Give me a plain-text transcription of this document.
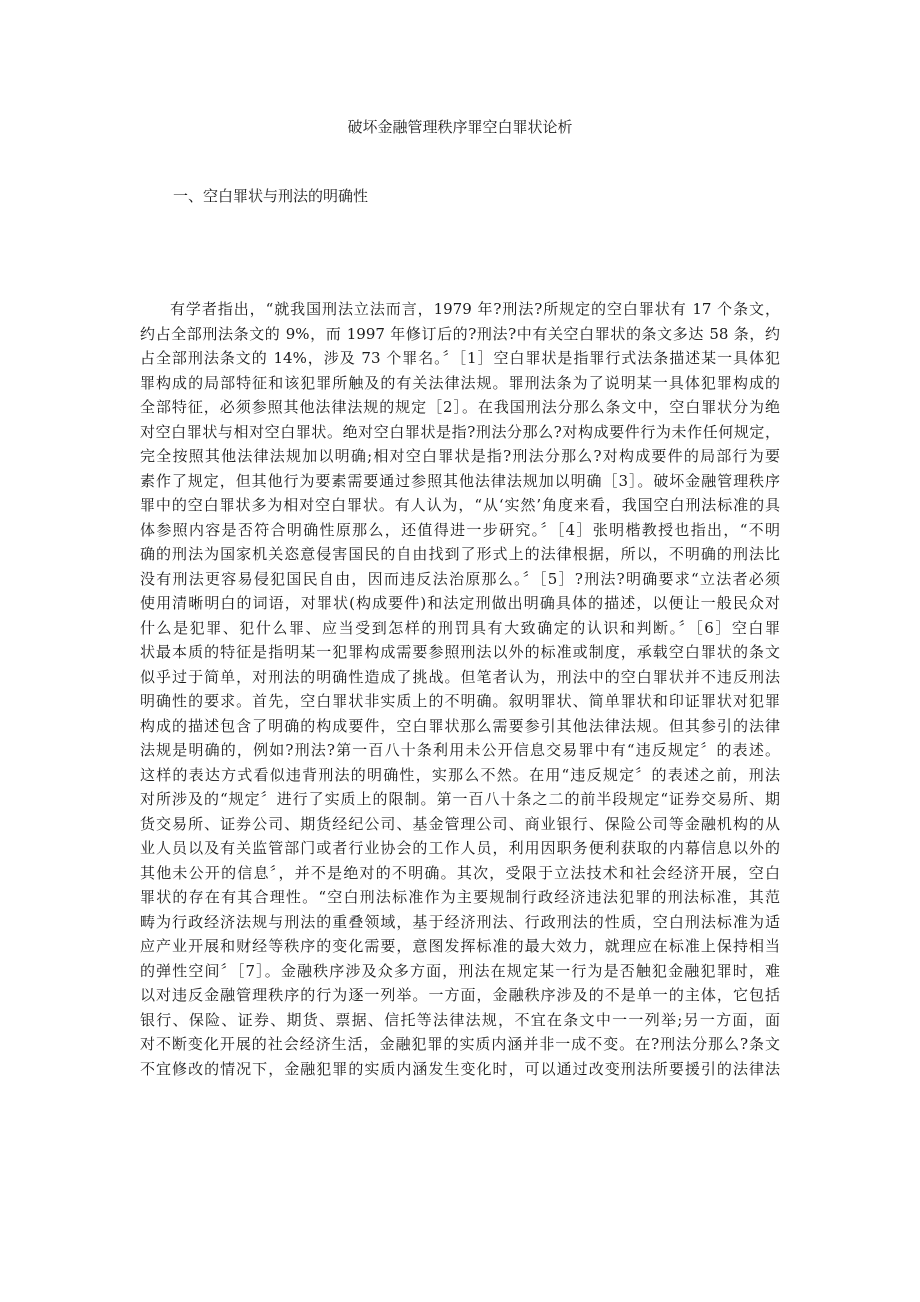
破坏金融管理秩序罪空白罪状论析
一、空白罪状与刑法的明确性
有学者指出，“就我国刑法立法而言，1979 年?刑法?所规定的空白罪状有 17 个条文，
约占全部刑法条文的 9%，而 1997 年修订后的?刑法?中有关空白罪状的条文多达 58 条，约
占全部刑法条文的 14%，涉及 73 个罪名。〞［1］空白罪状是指罪行式法条描述某一具体犯
罪构成的局部特征和该犯罪所触及的有关法律法规。罪刑法条为了说明某一具体犯罪构成的
全部特征，必须参照其他法律法规的规定［2］。在我国刑法分那么条文中，空白罪状分为绝
对空白罪状与相对空白罪状。绝对空白罪状是指?刑法分那么?对构成要件行为未作任何规定，
完全按照其他法律法规加以明确;相对空白罪状是指?刑法分那么?对构成要件的局部行为要
素作了规定，但其他行为要素需要通过参照其他法律法规加以明确［3］。破坏金融管理秩序
罪中的空白罪状多为相对空白罪状。有人认为，“从‘实然’角度来看，我国空白刑法标准的具
体参照内容是否符合明确性原那么，还值得进一步研究。〞［4］张明楷教授也指出，“不明
确的刑法为国家机关恣意侵害国民的自由找到了形式上的法律根据，所以，不明确的刑法比
没有刑法更容易侵犯国民自由，因而违反法治原那么。〞［5］?刑法?明确要求“立法者必须
使用清晰明白的词语，对罪状(构成要件)和法定刑做出明确具体的描述，以便让一般民众对
什么是犯罪、犯什么罪、应当受到怎样的刑罚具有大致确定的认识和判断。〞［6］空白罪
状最本质的特征是指明某一犯罪构成需要参照刑法以外的标准或制度，承载空白罪状的条文
似乎过于简单，对刑法的明确性造成了挑战。但笔者认为，刑法中的空白罪状并不违反刑法
明确性的要求。首先，空白罪状非实质上的不明确。叙明罪状、简单罪状和印证罪状对犯罪
构成的描述包含了明确的构成要件，空白罪状那么需要参引其他法律法规。但其参引的法律
法规是明确的，例如?刑法?第一百八十条利用未公开信息交易罪中有“违反规定〞的表述。
这样的表达方式看似违背刑法的明确性，实那么不然。在用“违反规定〞的表述之前，刑法
对所涉及的“规定〞进行了实质上的限制。第一百八十条之二的前半段规定“证券交易所、期
货交易所、证券公司、期货经纪公司、基金管理公司、商业银行、保险公司等金融机构的从
业人员以及有关监管部门或者行业协会的工作人员，利用因职务便利获取的内幕信息以外的
其他未公开的信息〞，并不是绝对的不明确。其次，受限于立法技术和社会经济开展，空白
罪状的存在有其合理性。“空白刑法标准作为主要规制行政经济违法犯罪的刑法标准，其范
畴为行政经济法规与刑法的重叠领域，基于经济刑法、行政刑法的性质，空白刑法标准为适
应产业开展和财经等秩序的变化需要，意图发挥标准的最大效力，就理应在标准上保持相当
的弹性空间〞［7］。金融秩序涉及众多方面，刑法在规定某一行为是否触犯金融犯罪时，难
以对违反金融管理秩序的行为逐一列举。一方面，金融秩序涉及的不是单一的主体，它包括
银行、保险、证券、期货、票据、信托等法律法规，不宜在条文中一一列举;另一方面，面
对不断变化开展的社会经济生活，金融犯罪的实质内涵并非一成不变。在?刑法分那么?条文
不宜修改的情况下，金融犯罪的实质内涵发生变化时，可以通过改变刑法所要援引的法律法
